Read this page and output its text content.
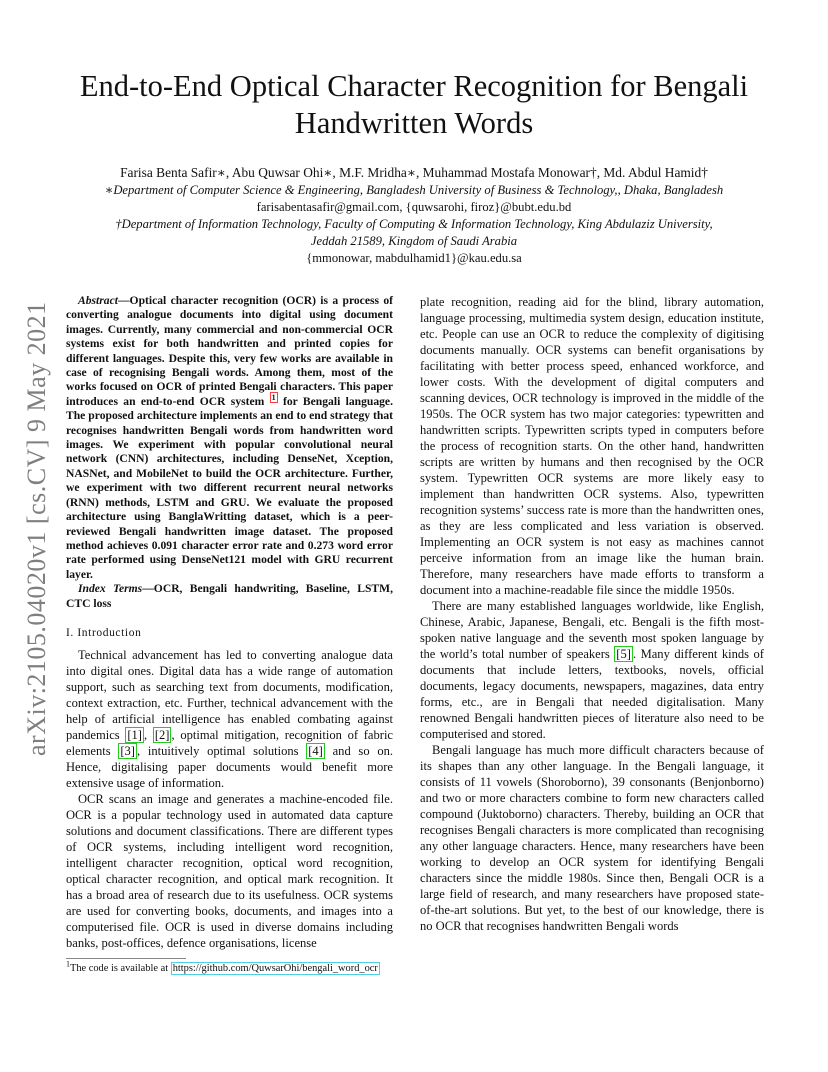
End-to-End Optical Character Recognition for Bengali Handwritten Words
Farisa Benta Safir∗, Abu Quwsar Ohi∗, M.F. Mridha∗, Muhammad Mostafa Monowar†, Md. Abdul Hamid†
∗Department of Computer Science & Engineering, Bangladesh University of Business & Technology,, Dhaka, Bangladesh
farisabentasafir@gmail.com, {quwsarohi, firoz}@bubt.edu.bd
†Department of Information Technology, Faculty of Computing & Information Technology, King Abdulaziz University,
Jeddah 21589, Kingdom of Saudi Arabia
{mmonowar, mabdulhamid1}@kau.edu.sa
arXiv:2105.04020v1 [cs.CV] 9 May 2021

Abstract—Optical character recognition (OCR) is a process of converting analogue documents into digital using document images. Currently, many commercial and non-commercial OCR systems exist for both handwritten and printed copies for different languages. Despite this, very few works are available in case of recognising Bengali words. Among them, most of the works focused on OCR of printed Bengali characters. This paper introduces an end-to-end OCR system $^1$ for Bengali language. The proposed architecture implements an end to end strategy that recognises handwritten Bengali words from handwritten word images. We experiment with popular convolutional neural network (CNN) architectures, including DenseNet, Xception, NASNet, and MobileNet to build the OCR architecture. Further, we experiment with two different recurrent neural networks (RNN) methods, LSTM and GRU. We evaluate the proposed architecture using BanglaWritting dataset, which is a peer-reviewed Bengali handwritten image dataset. The proposed method achieves 0.091 character error rate and 0.273 word error rate performed using DenseNet121 model with GRU recurrent layer.

Index Terms—OCR, Bengali handwriting, Baseline, LSTM, CTC loss

I. Introduction

Technical advancement has led to converting analogue data into digital ones. Digital data has a wide range of automation support, such as searching text from documents, modification, context extraction, etc. Further, technical advancement with the help of artificial intelligence has enabled combating against pandemics [1] , [2] , optimal mitigation, recognition of fabric elements [3] , intuitively optimal solutions [4] and so on. Hence, digitalising paper documents would benefit more extensive usage of information.

OCR scans an image and generates a machine-encoded file. OCR is a popular technology used in automated data capture solutions and document classifications. There are different types of OCR systems, including intelligent word recognition, intelligent character recognition, optical word recognition, optical character recognition, and optical mark recognition. It has a broad area of research due to its usefulness. OCR systems are used for converting books, documents, and images into a computerised file. OCR is used in diverse domains including banks, post-offices, defence organisations, license

plate recognition, reading aid for the blind, library automation, language processing, multimedia system design, education institute, etc. People can use an OCR to reduce the complexity of digitising documents manually. OCR systems can benefit organisations by facilitating with better process speed, enhanced workforce, and lower costs. With the development of digital computers and scanning devices, OCR technology is improved in the middle of the 1950s. The OCR system has two major categories: typewritten and handwritten scripts. Typewritten scripts typed in computers before the process of recognition starts. On the other hand, handwritten scripts are written by humans and then recognised by the OCR system. Typewritten OCR systems are more likely easy to implement than handwritten OCR systems. Also, typewritten recognition systems’ success rate is more than the handwritten ones, as they are less complicated and less variation is observed. Implementing an OCR system is not easy as machines cannot perceive information from an image like the human brain. Therefore, many researchers have made efforts to transform a document into a machine-readable file since the middle 1950s.

There are many established languages worldwide, like English, Chinese, Arabic, Japanese, Bengali, etc. Bengali is the fifth most-spoken native language and the seventh most spoken language by the world’s total number of speakers [5] . Many different kinds of documents that include letters, textbooks, novels, official documents, legacy documents, newspapers, magazines, data entry forms, etc., are in Bengali that needed digitalisation. Many renowned Bengali handwritten pieces of literature also need to be computerised and stored.

Bengali language has much more difficult characters because of its shapes than any other language. In the Bengali language, it consists of 11 vowels (Shoroborno), 39 consonants (Benjonborno) and two or more characters combine to form new characters called compound (Juktoborno) characters. Thereby, building an OCR that recognises Bengali characters is more complicated than recognising any other language characters. Hence, many researchers have been working to develop an OCR system for identifying Bengali characters since the middle 1980s. Since then, Bengali OCR is a large field of research, and many researchers have proposed state-of-the-art solutions. But yet, to the best of our knowledge, there is no OCR that recognises handwritten Bengali words

$^1$The code is available at https://github.com/QuwsarOhi/bengali_word_ocr
